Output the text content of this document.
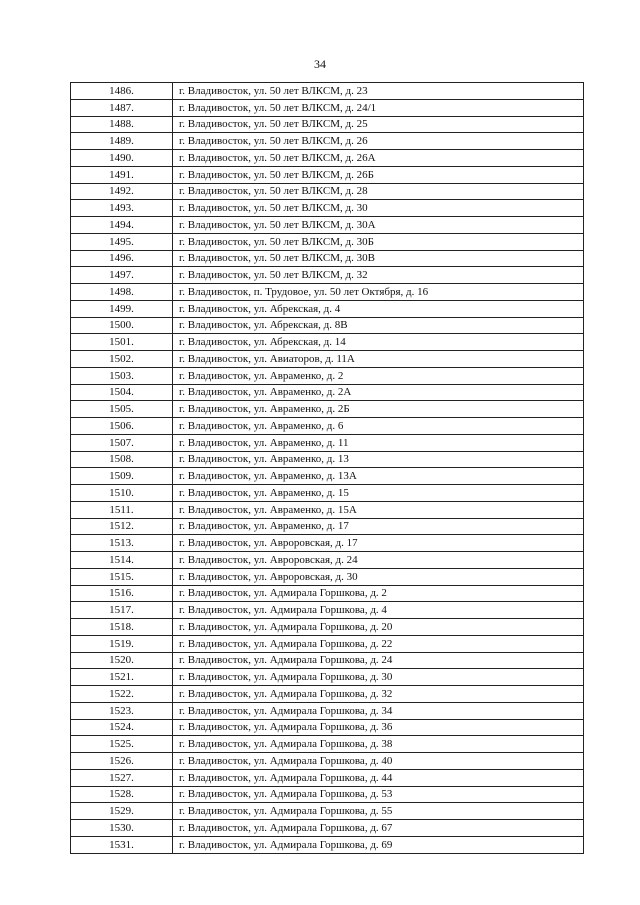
34
1486.	г. Владивосток, ул. 50 лет ВЛКСМ, д. 23
1487.	г. Владивосток, ул. 50 лет ВЛКСМ, д. 24/1
1488.	г. Владивосток, ул. 50 лет ВЛКСМ, д. 25
1489.	г. Владивосток, ул. 50 лет ВЛКСМ, д. 26
1490.	г. Владивосток, ул. 50 лет ВЛКСМ, д. 26А
1491.	г. Владивосток, ул. 50 лет ВЛКСМ, д. 26Б
1492.	г. Владивосток, ул. 50 лет ВЛКСМ, д. 28
1493.	г. Владивосток, ул. 50 лет ВЛКСМ, д. 30
1494.	г. Владивосток, ул. 50 лет ВЛКСМ, д. 30А
1495.	г. Владивосток, ул. 50 лет ВЛКСМ, д. 30Б
1496.	г. Владивосток, ул. 50 лет ВЛКСМ, д. 30В
1497.	г. Владивосток, ул. 50 лет ВЛКСМ, д. 32
1498.	г. Владивосток, п. Трудовое, ул. 50 лет Октября, д. 16
1499.	г. Владивосток, ул. Абрекская, д. 4
1500.	г. Владивосток, ул. Абрекская, д. 8В
1501.	г. Владивосток, ул. Абрекская, д. 14
1502.	г. Владивосток, ул. Авиаторов, д. 11А
1503.	г. Владивосток, ул. Авраменко, д. 2
1504.	г. Владивосток, ул. Авраменко, д. 2А
1505.	г. Владивосток, ул. Авраменко, д. 2Б
1506.	г. Владивосток, ул. Авраменко, д. 6
1507.	г. Владивосток, ул. Авраменко, д. 11
1508.	г. Владивосток, ул. Авраменко, д. 13
1509.	г. Владивосток, ул. Авраменко, д. 13А
1510.	г. Владивосток, ул. Авраменко, д. 15
1511.	г. Владивосток, ул. Авраменко, д. 15А
1512.	г. Владивосток, ул. Авраменко, д. 17
1513.	г. Владивосток, ул. Авроровская, д. 17
1514.	г. Владивосток, ул. Авроровская, д. 24
1515.	г. Владивосток, ул. Авроровская, д. 30
1516.	г. Владивосток, ул. Адмирала Горшкова, д. 2
1517.	г. Владивосток, ул. Адмирала Горшкова, д. 4
1518.	г. Владивосток, ул. Адмирала Горшкова, д. 20
1519.	г. Владивосток, ул. Адмирала Горшкова, д. 22
1520.	г. Владивосток, ул. Адмирала Горшкова, д. 24
1521.	г. Владивосток, ул. Адмирала Горшкова, д. 30
1522.	г. Владивосток, ул. Адмирала Горшкова, д. 32
1523.	г. Владивосток, ул. Адмирала Горшкова, д. 34
1524.	г. Владивосток, ул. Адмирала Горшкова, д. 36
1525.	г. Владивосток, ул. Адмирала Горшкова, д. 38
1526.	г. Владивосток, ул. Адмирала Горшкова, д. 40
1527.	г. Владивосток, ул. Адмирала Горшкова, д. 44
1528.	г. Владивосток, ул. Адмирала Горшкова, д. 53
1529.	г. Владивосток, ул. Адмирала Горшкова, д. 55
1530.	г. Владивосток, ул. Адмирала Горшкова, д. 67
1531.	г. Владивосток, ул. Адмирала Горшкова, д. 69
